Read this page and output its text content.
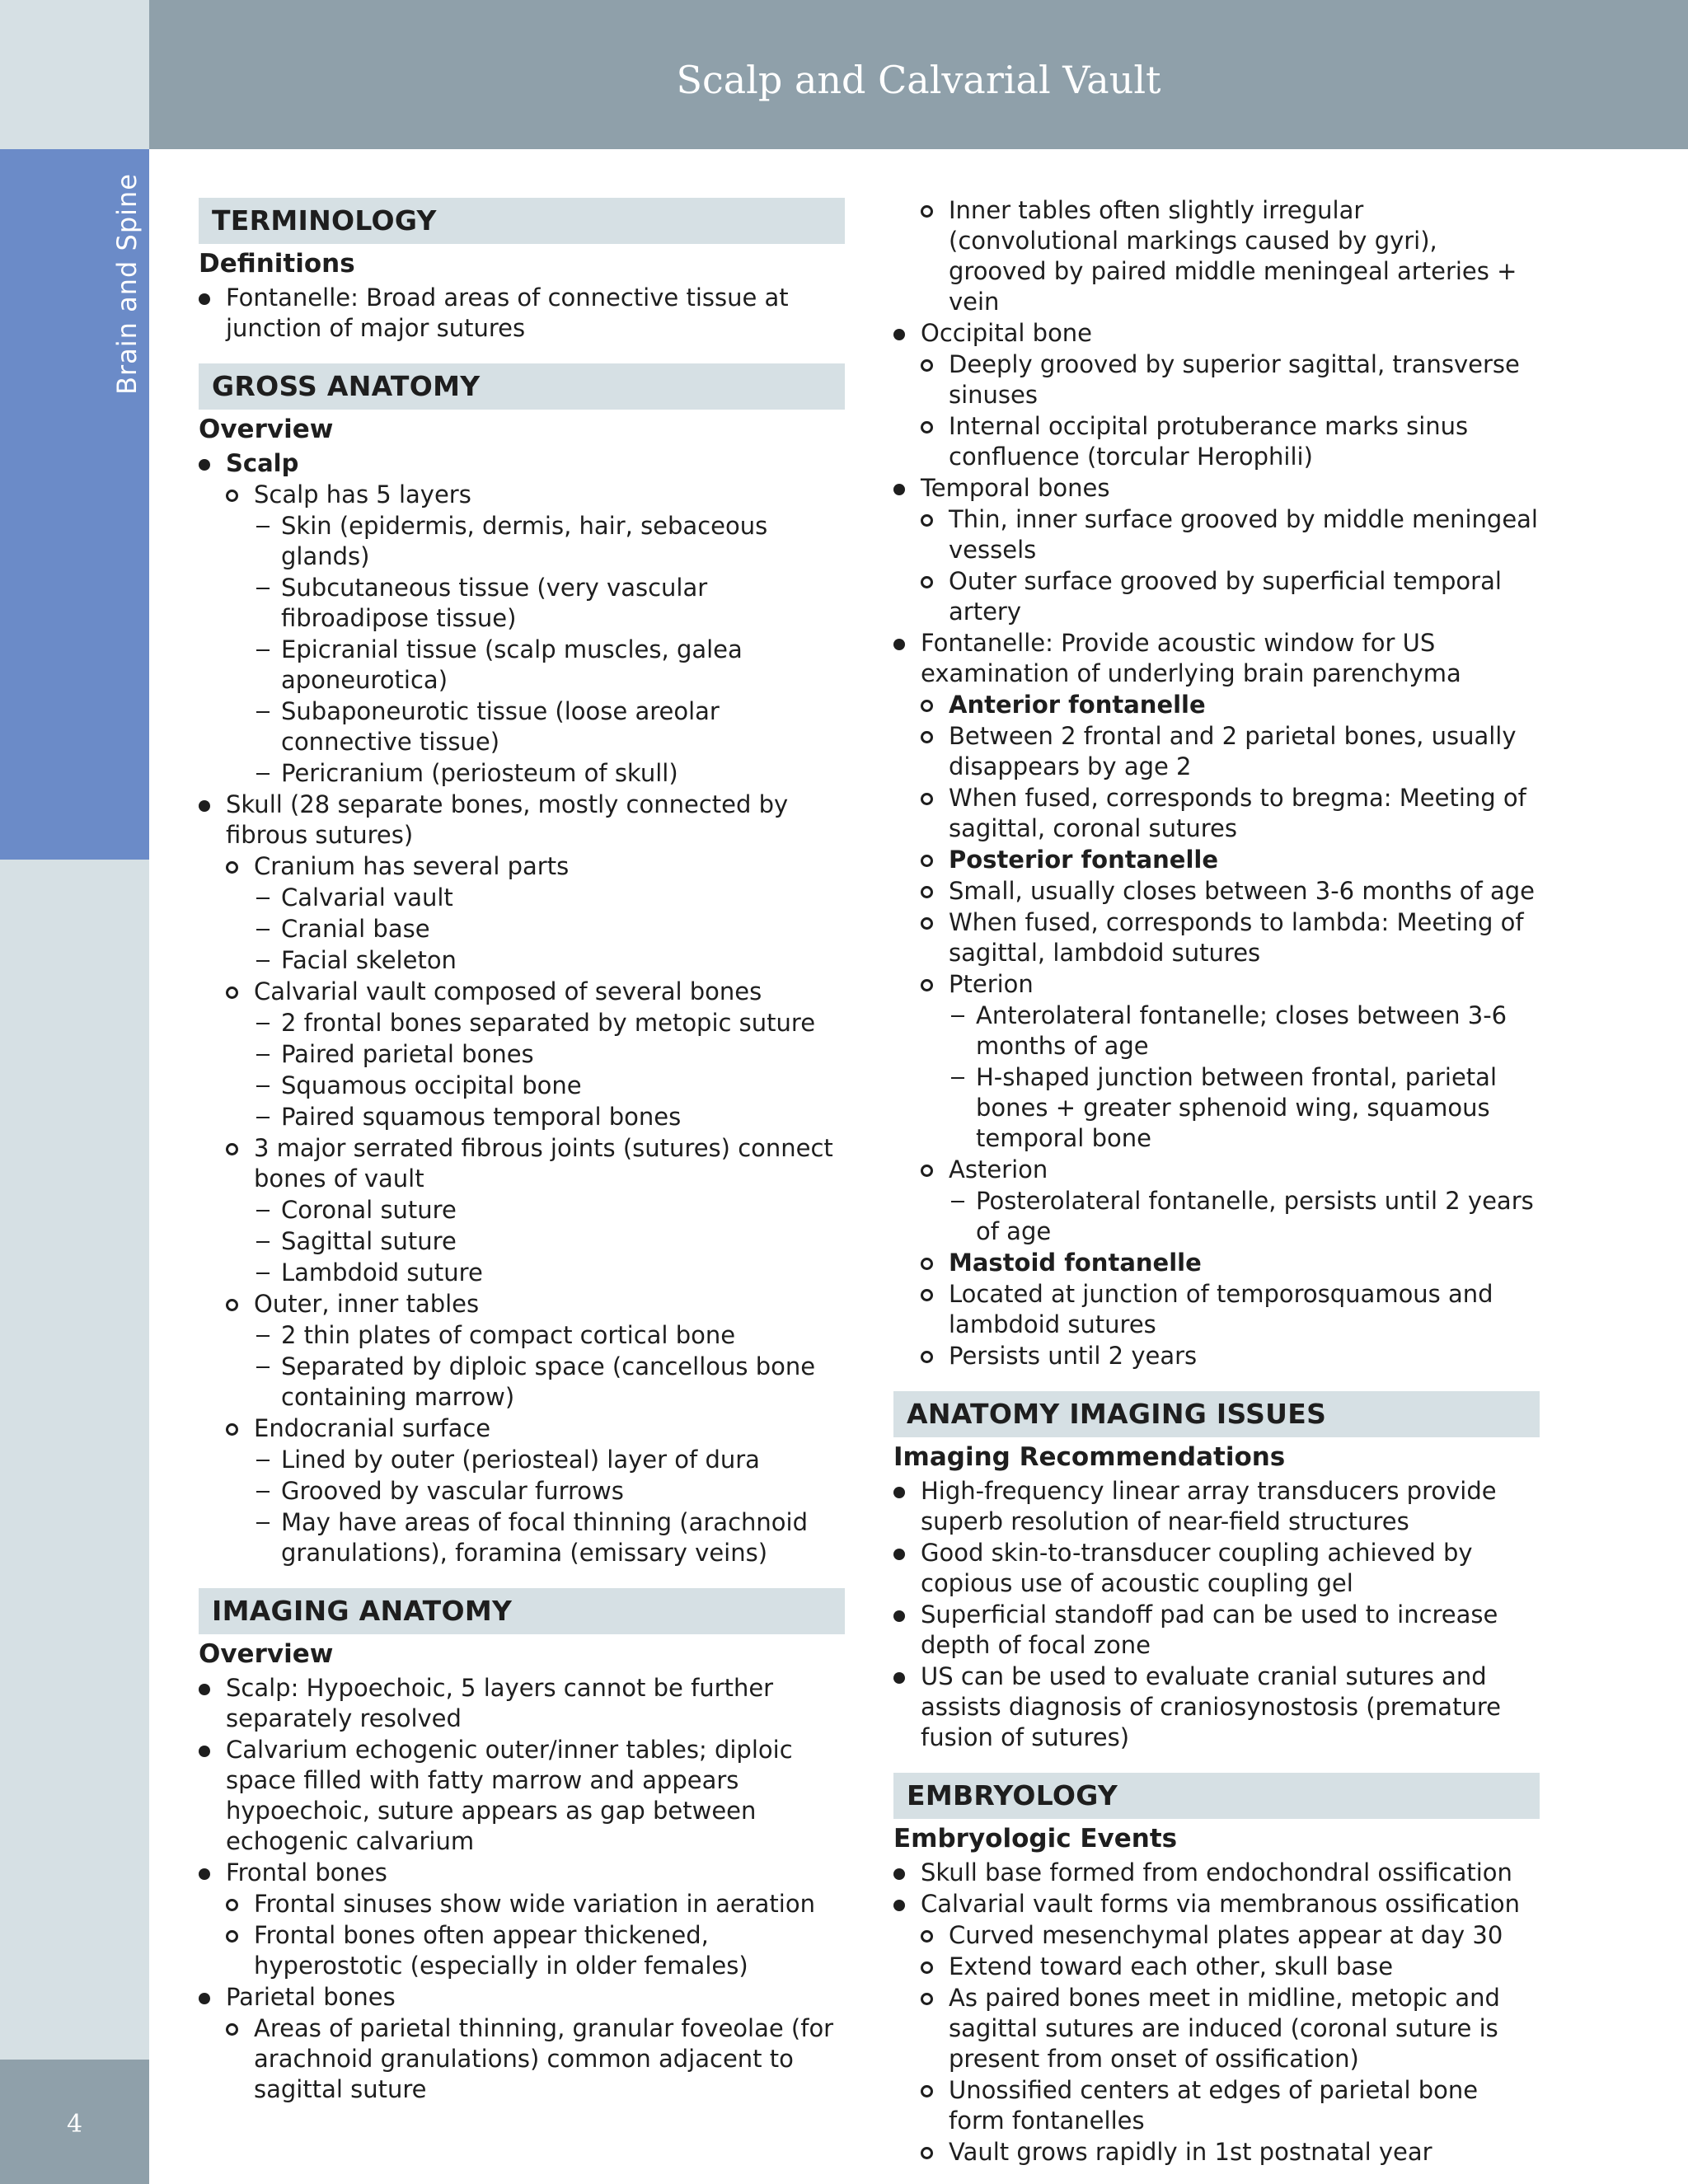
Brain and Spine
4
Scalp and Calvarial Vault
TERMINOLOGY
Definitions
Fontanelle: Broad areas of connective tissue at junction of major sutures
GROSS ANATOMY
Overview
Scalp
Scalp has 5 layers
Skin (epidermis, dermis, hair, sebaceous glands)
Subcutaneous tissue (very vascular fibroadipose tissue)
Epicranial tissue (scalp muscles, galea aponeurotica)
Subaponeurotic tissue (loose areolar connective tissue)
Pericranium (periosteum of skull)
Skull (28 separate bones, mostly connected by fibrous sutures)
Cranium has several parts
Calvarial vault
Cranial base
Facial skeleton
Calvarial vault composed of several bones
2 frontal bones separated by metopic suture
Paired parietal bones
Squamous occipital bone
Paired squamous temporal bones
3 major serrated fibrous joints (sutures) connect bones of vault
Coronal suture
Sagittal suture
Lambdoid suture
Outer, inner tables
2 thin plates of compact cortical bone
Separated by diploic space (cancellous bone containing marrow)
Endocranial surface
Lined by outer (periosteal) layer of dura
Grooved by vascular furrows
May have areas of focal thinning (arachnoid granulations), foramina (emissary veins)
IMAGING ANATOMY
Overview
Scalp: Hypoechoic, 5 layers cannot be further separately resolved
Calvarium echogenic outer/inner tables; diploic space filled with fatty marrow and appears hypoechoic, suture appears as gap between echogenic calvarium
Frontal bones
Frontal sinuses show wide variation in aeration
Frontal bones often appear thickened, hyperostotic (especially in older females)
Parietal bones
Areas of parietal thinning, granular foveolae (for arachnoid granulations) common adjacent to sagittal suture
Inner tables often slightly irregular (convolutional markings caused by gyri), grooved by paired middle meningeal arteries + vein
Occipital bone
Deeply grooved by superior sagittal, transverse sinuses
Internal occipital protuberance marks sinus confluence (torcular Herophili)
Temporal bones
Thin, inner surface grooved by middle meningeal vessels
Outer surface grooved by superficial temporal artery
Fontanelle: Provide acoustic window for US examination of underlying brain parenchyma
Anterior fontanelle
Between 2 frontal and 2 parietal bones, usually disappears by age 2
When fused, corresponds to bregma: Meeting of sagittal, coronal sutures
Posterior fontanelle
Small, usually closes between 3-6 months of age
When fused, corresponds to lambda: Meeting of sagittal, lambdoid sutures
Pterion
Anterolateral fontanelle; closes between 3-6 months of age
H-shaped junction between frontal, parietal bones + greater sphenoid wing, squamous temporal bone
Asterion
Posterolateral fontanelle, persists until 2 years of age
Mastoid fontanelle
Located at junction of temporosquamous and lambdoid sutures
Persists until 2 years
ANATOMY IMAGING ISSUES
Imaging Recommendations
High-frequency linear array transducers provide superb resolution of near-field structures
Good skin-to-transducer coupling achieved by copious use of acoustic coupling gel
Superficial standoff pad can be used to increase depth of focal zone
US can be used to evaluate cranial sutures and assists diagnosis of craniosynostosis (premature fusion of sutures)
EMBRYOLOGY
Embryologic Events
Skull base formed from endochondral ossification
Calvarial vault forms via membranous ossification
Curved mesenchymal plates appear at day 30
Extend toward each other, skull base
As paired bones meet in midline, metopic and sagittal sutures are induced (coronal suture is present from onset of ossification)
Unossified centers at edges of parietal bone form fontanelles
Vault grows rapidly in 1st postnatal year
